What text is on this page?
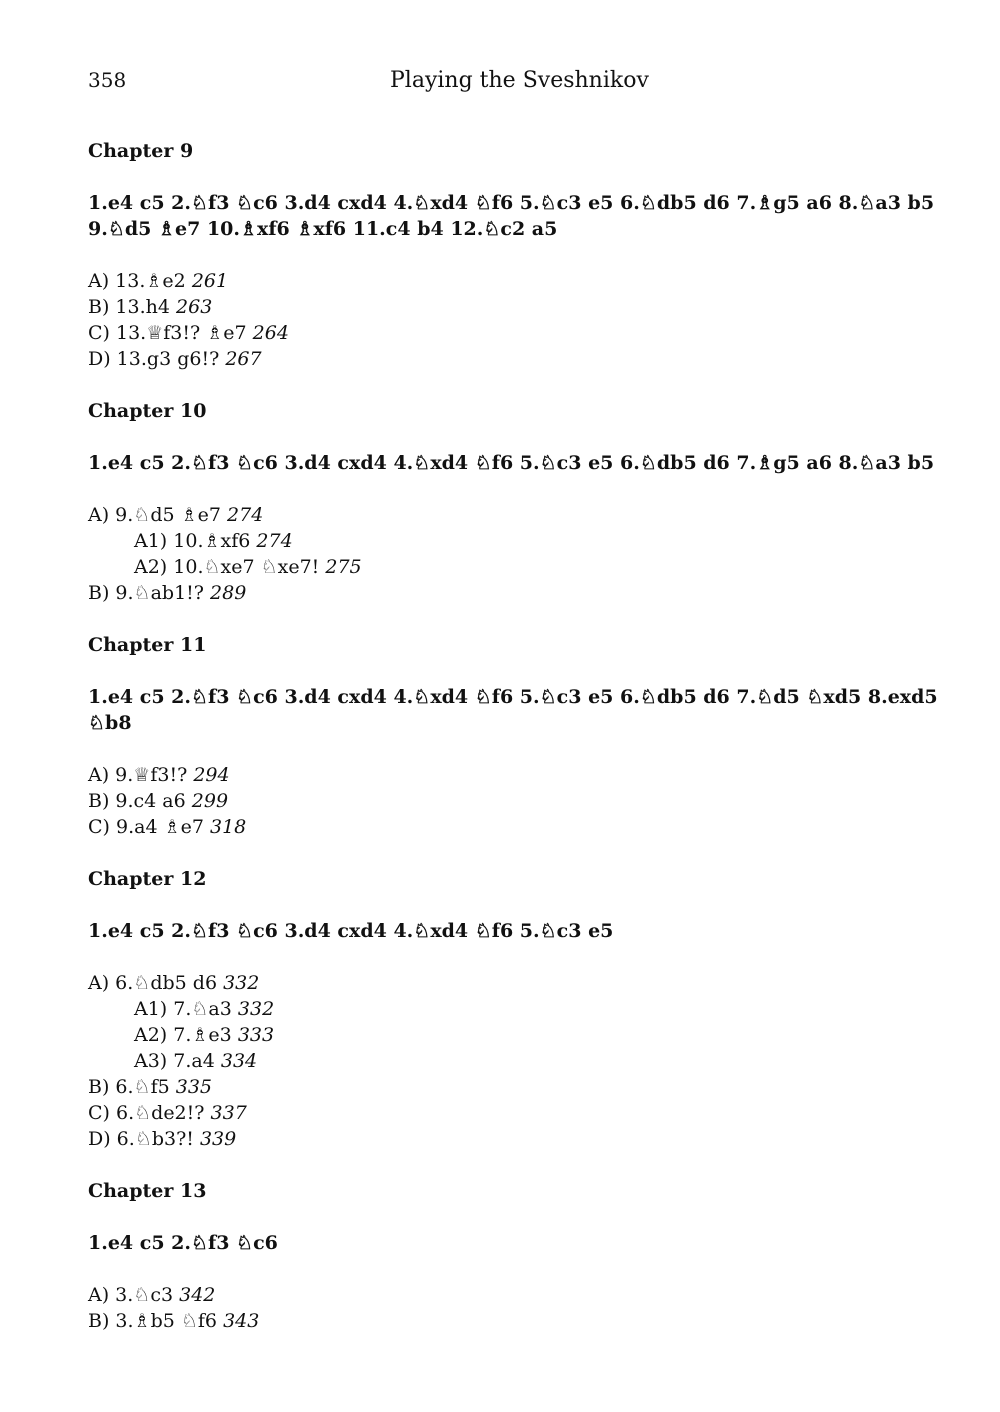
358	Playing the Sveshnikov
Chapter 9
1.e4 c5 2.♘f3 ♘c6 3.d4 cxd4 4.♘xd4 ♘f6 5.♘c3 e5 6.♘db5 d6 7.♗g5 a6 8.♘a3 b5
9.♘d5 ♗e7 10.♗xf6 ♗xf6 11.c4 b4 12.♘c2 a5
A) 13.♗e2 261
B) 13.h4 263
C) 13.♕f3!? ♗e7 264
D) 13.g3 g6!? 267
Chapter 10
1.e4 c5 2.♘f3 ♘c6 3.d4 cxd4 4.♘xd4 ♘f6 5.♘c3 e5 6.♘db5 d6 7.♗g5 a6 8.♘a3 b5
A) 9.♘d5 ♗e7 274
A1) 10.♗xf6 274
A2) 10.♘xe7 ♘xe7! 275
B) 9.♘ab1!? 289
Chapter 11
1.e4 c5 2.♘f3 ♘c6 3.d4 cxd4 4.♘xd4 ♘f6 5.♘c3 e5 6.♘db5 d6 7.♘d5 ♘xd5 8.exd5 ♘b8
A) 9.♕f3!? 294
B) 9.c4 a6 299
C) 9.a4 ♗e7 318
Chapter 12
1.e4 c5 2.♘f3 ♘c6 3.d4 cxd4 4.♘xd4 ♘f6 5.♘c3 e5
A) 6.♘db5 d6 332
A1) 7.♘a3 332
A2) 7.♗e3 333
A3) 7.a4 334
B) 6.♘f5 335
C) 6.♘de2!? 337
D) 6.♘b3?! 339
Chapter 13
1.e4 c5 2.♘f3 ♘c6
A) 3.♘c3 342
B) 3.♗b5 ♘f6 343
